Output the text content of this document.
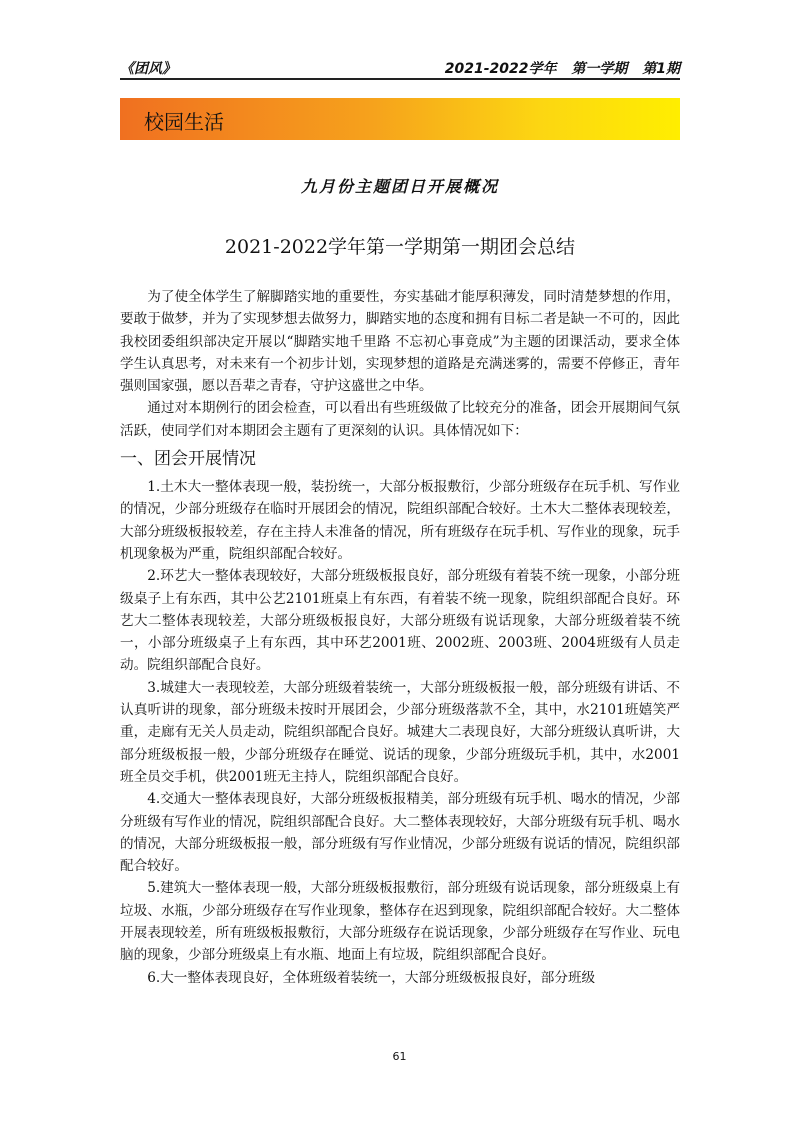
《团风》	2021-2022学年 第一学期 第1期
校园生活
九月份主题团日开展概况
2021-2022学年第一学期第一期团会总结

为了使全体学生了解脚踏实地的重要性，夯实基础才能厚积薄发，同时清楚梦想的作用，要敢于做梦，并为了实现梦想去做努力，脚踏实地的态度和拥有目标二者是缺一不可的，因此我校团委组织部决定开展以“脚踏实地千里路 不忘初心事竟成”为主题的团课活动，要求全体学生认真思考，对未来有一个初步计划，实现梦想的道路是充满迷雾的，需要不停修正，青年强则国家强，愿以吾辈之青春，守护这盛世之中华。

通过对本期例行的团会检查，可以看出有些班级做了比较充分的准备，团会开展期间气氛活跃，使同学们对本期团会主题有了更深刻的认识。具体情况如下：

一、团会开展情况

1.土木大一整体表现一般，装扮统一，大部分板报敷衍，少部分班级存在玩手机、写作业的情况，少部分班级存在临时开展团会的情况，院组织部配合较好。土木大二整体表现较差，大部分班级板报较差，存在主持人未准备的情况，所有班级存在玩手机、写作业的现象，玩手机现象极为严重，院组织部配合较好。

2.环艺大一整体表现较好，大部分班级板报良好，部分班级有着装不统一现象，小部分班级桌子上有东西，其中公艺2101班桌上有东西，有着装不统一现象，院组织部配合良好。环艺大二整体表现较差，大部分班级板报良好，大部分班级有说话现象，大部分班级着装不统一，小部分班级桌子上有东西，其中环艺2001班、2002班、2003班、2004班级有人员走动。院组织部配合良好。

3.城建大一表现较差，大部分班级着装统一，大部分班级板报一般，部分班级有讲话、不认真听讲的现象，部分班级未按时开展团会，少部分班级落款不全，其中，水2101班嬉笑严重，走廊有无关人员走动，院组织部配合良好。城建大二表现良好，大部分班级认真听讲，大部分班级板报一般，少部分班级存在睡觉、说话的现象，少部分班级玩手机，其中，水2001班全员交手机，供2001班无主持人，院组织部配合良好。

4.交通大一整体表现良好，大部分班级板报精美，部分班级有玩手机、喝水的情况，少部分班级有写作业的情况，院组织部配合良好。大二整体表现较好，大部分班级有玩手机、喝水的情况，大部分班级板报一般，部分班级有写作业情况，少部分班级有说话的情况，院组织部配合较好。

5.建筑大一整体表现一般，大部分班级板报敷衍，部分班级有说话现象，部分班级桌上有垃圾、水瓶，少部分班级存在写作业现象，整体存在迟到现象，院组织部配合较好。大二整体开展表现较差，所有班级板报敷衍，大部分班级存在说话现象，少部分班级存在写作业、玩电脑的现象，少部分班级桌上有水瓶、地面上有垃圾，院组织部配合良好。

6.大一整体表现良好，全体班级着装统一，大部分班级板报良好，部分班级

61
